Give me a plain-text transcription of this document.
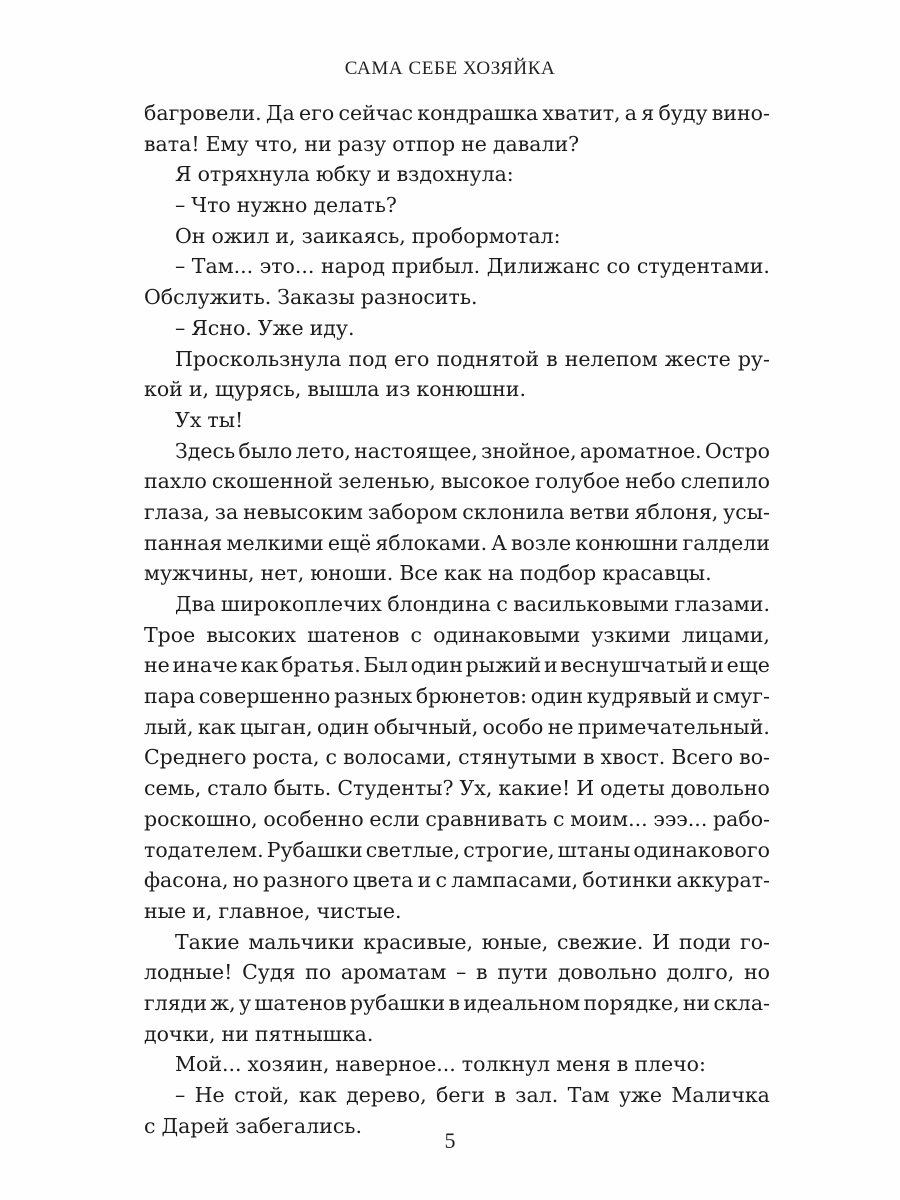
САМА СЕБЕ ХОЗЯЙКА
багровели. Да его сейчас кондрашка хватит, а я буду вино-
вата! Ему что, ни разу отпор не давали?
Я отряхнула юбку и вздохнула:
– Что нужно делать?
Он ожил и, заикаясь, пробормотал:
– Там... это... народ прибыл. Дилижанс со студентами.
Обслужить. Заказы разносить.
– Ясно. Уже иду.
Проскользнула под его поднятой в нелепом жесте ру-
кой и, щурясь, вышла из конюшни.
Ух ты!
Здесь было лето, настоящее, знойное, ароматное. Остро
пахло скошенной зеленью, высокое голубое небо слепило
глаза, за невысоким забором склонила ветви яблоня, усы-
панная мелкими ещё яблоками. А возле конюшни галдели
мужчины, нет, юноши. Все как на подбор красавцы.
Два широкоплечих блондина с васильковыми глазами.
Трое высоких шатенов с одинаковыми узкими лицами,
не иначе как братья. Был один рыжий и веснушчатый и еще
пара совершенно разных брюнетов: один кудрявый и смуг-
лый, как цыган, один обычный, особо не примечательный.
Среднего роста, с волосами, стянутыми в хвост. Всего во-
семь, стало быть. Студенты? Ух, какие! И одеты довольно
роскошно, особенно если сравнивать с моим... эээ... рабо-
тодателем. Рубашки светлые, строгие, штаны одинакового
фасона, но разного цвета и с лампасами, ботинки аккурат-
ные и, главное, чистые.
Такие мальчики красивые, юные, свежие. И поди го-
лодные! Судя по ароматам – в пути довольно долго, но
гляди ж, у шатенов рубашки в идеальном порядке, ни скла-
дочки, ни пятнышка.
Мой... хозяин, наверное... толкнул меня в плечо:
– Не стой, как дерево, беги в зал. Там уже Маличка
с Дарей забегались.
5
